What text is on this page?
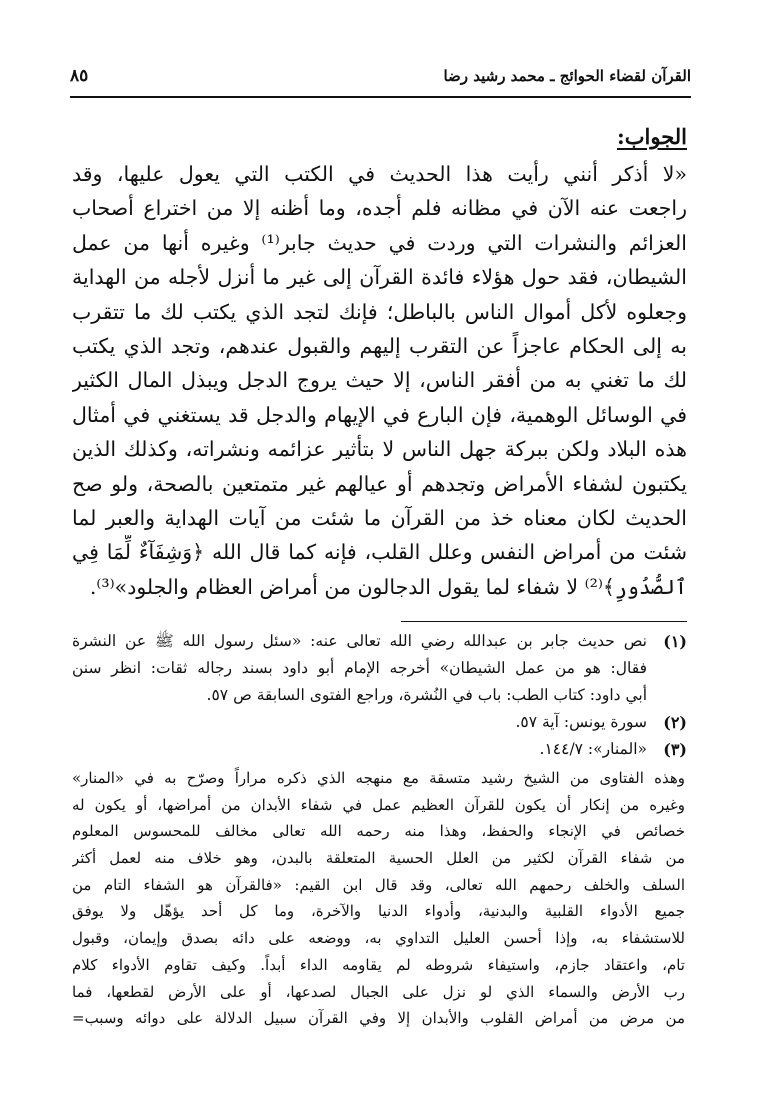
٨٥	القرآن لقضاء الحوائج ـ محمد رشيد رضا
الجواب:
«لا أذكر أنني رأيت هذا الحديث في الكتب التي يعول عليها، وقد
راجعت عنه الآن في مظانه فلم أجده، وما أظنه إلا من اختراع أصحاب
العزائم والنشرات التي وردت في حديث جابر⁽¹⁾ وغيره أنها من عمل
الشيطان، فقد حول هؤلاء فائدة القرآن إلى غير ما أنزل لأجله من الهداية
وجعلوه لأكل أموال الناس بالباطل؛ فإنك لتجد الذي يكتب لك ما تتقرب
به إلى الحكام عاجزاً عن التقرب إليهم والقبول عندهم، وتجد الذي يكتب
لك ما تغني به من أفقر الناس، إلا حيث يروج الدجل ويبذل المال الكثير
في الوسائل الوهمية، فإن البارع في الإيهام والدجل قد يستغني في أمثال
هذه البلاد ولكن ببركة جهل الناس لا بتأثير عزائمه ونشراته، وكذلك الذين
يكتبون لشفاء الأمراض وتجدهم أو عيالهم غير متمتعين بالصحة، ولو صح
الحديث لكان معناه خذ من القرآن ما شئت من آيات الهداية والعبر لما
شئت من أمراض النفس وعلل القلب، فإنه كما قال الله ﴿وَشِفَآءٌ لِّمَا فِي
ٱلصُّدُورِ﴾⁽²⁾ لا شفاء لما يقول الدجالون من أمراض العظام والجلود»⁽³⁾.
(١)
نص حديث جابر بن عبدالله رضي الله تعالى عنه: «سئل رسول الله ﷺ عن النشرة
فقال: هو من عمل الشيطان» أخرجه الإمام أبو داود بسند رجاله ثقات: انظر سنن
أبي داود: كتاب الطب: باب في النُشرة، وراجع الفتوى السابقة ص ٥٧.
(٢)
سورة يونس: آية ٥٧.
(٣)
«المنار»: ١٤٤/٧.
وهذه الفتاوى من الشيخ رشيد متسقة مع منهجه الذي ذكره مراراً وصرّح به في «المنار»
وغيره من إنكار أن يكون للقرآن العظيم عمل في شفاء الأبدان من أمراضها، أو يكون له
خصائص في الإنجاء والحفظ، وهذا منه رحمه الله تعالى مخالف للمحسوس المعلوم
من شفاء القرآن لكثير من العلل الحسية المتعلقة بالبدن، وهو خلاف منه لعمل أكثر
السلف والخلف رحمهم الله تعالى، وقد قال ابن القيم: «فالقرآن هو الشفاء التام من
جميع الأدواء القلبية والبدنية، وأدواء الدنيا والآخرة، وما كل أحد يؤهّل ولا يوفق
للاستشفاء به، وإذا أحسن العليل التداوي به، ووضعه على دائه بصدق وإيمان، وقبول
تام، واعتقاد جازم، واستيفاء شروطه لم يقاومه الداء أبداً. وكيف تقاوم الأدواء كلام
رب الأرض والسماء الذي لو نزل على الجبال لصدعها، أو على الأرض لقطعها، فما
من مرض من أمراض القلوب والأبدان إلا وفي القرآن سبيل الدلالة على دوائه وسبب=
